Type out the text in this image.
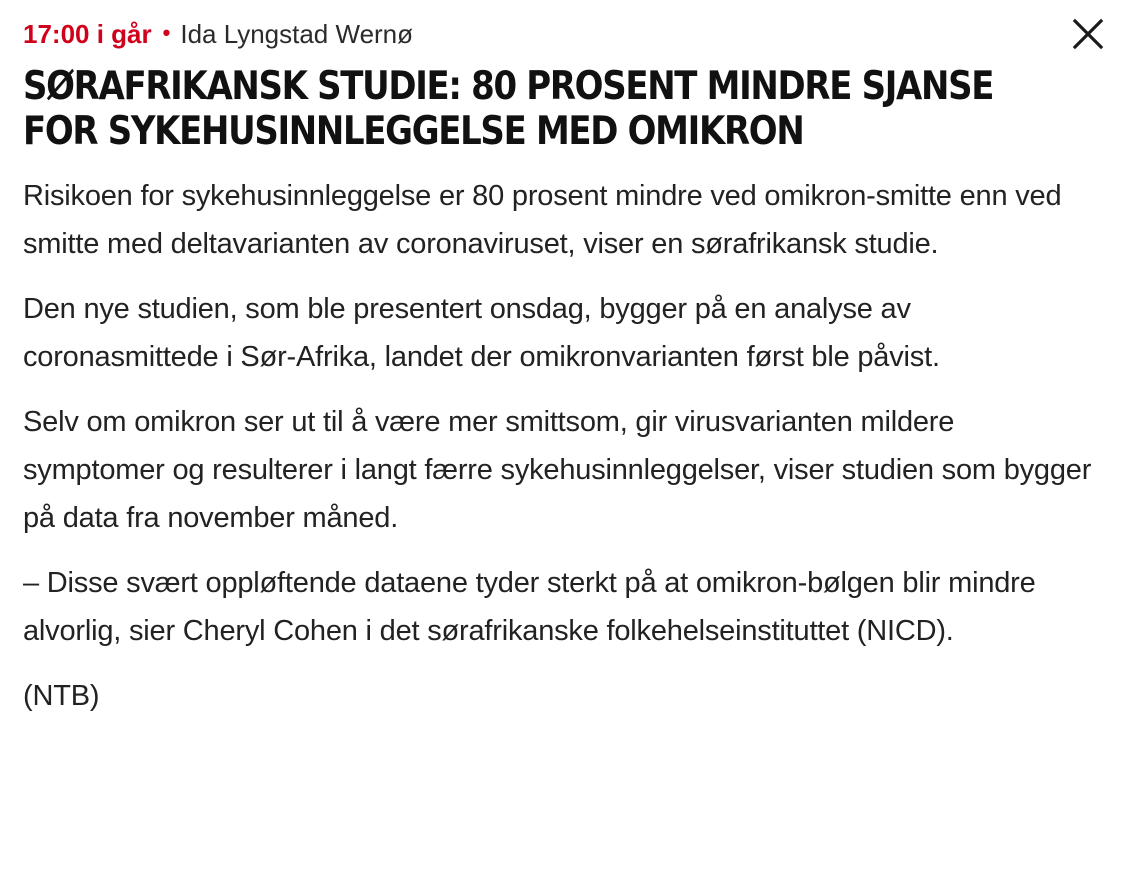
17:00 i går • Ida Lyngstad Wernø
SØRAFRIKANSK STUDIE: 80 PROSENT MINDRE SJANSE FOR SYKEHUSINNLEGGELSE MED OMIKRON

Risikoen for sykehusinnleggelse er 80 prosent mindre ved omikron-smitte enn ved smitte med deltavarianten av coronaviruset, viser en sørafrikansk studie.

Den nye studien, som ble presentert onsdag, bygger på en analyse av coronasmittede i Sør-Afrika, landet der omikronvarianten først ble påvist.

Selv om omikron ser ut til å være mer smittsom, gir virusvarianten mildere symptomer og resulterer i langt færre sykehusinnleggelser, viser studien som bygger på data fra november måned.

– Disse svært oppløftende dataene tyder sterkt på at omikron-bølgen blir mindre alvorlig, sier Cheryl Cohen i det sørafrikanske folkehelseinstituttet (NICD).

(NTB)
